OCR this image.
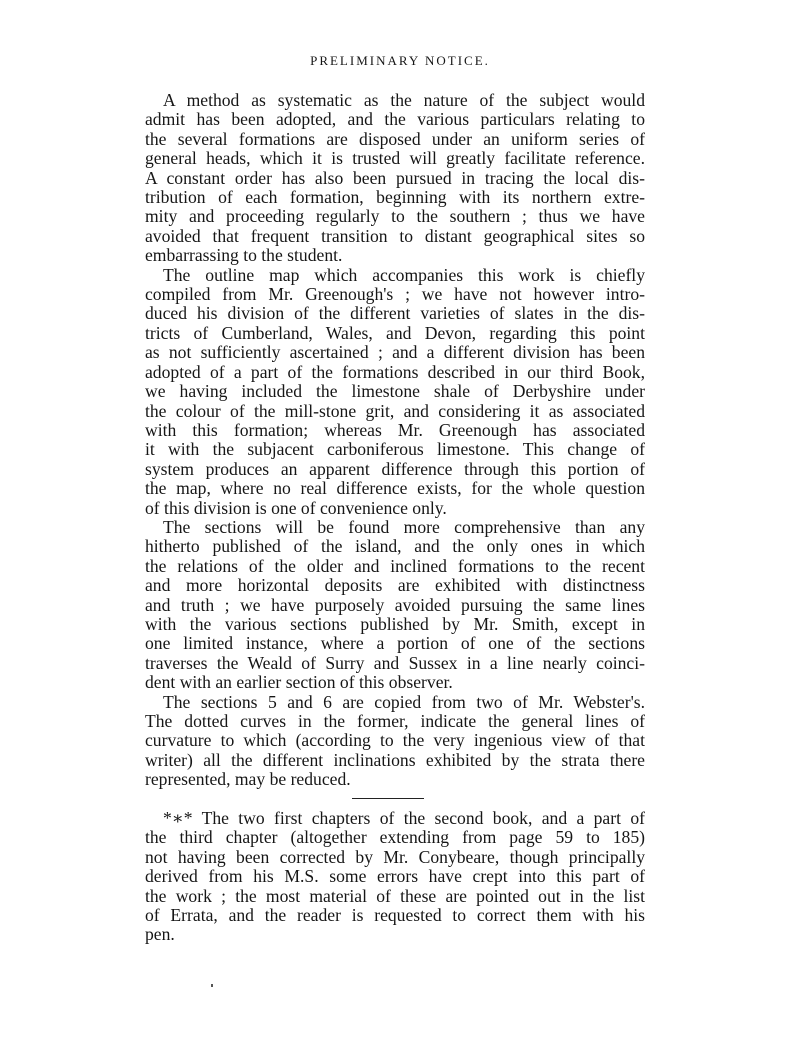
PRELIMINARY NOTICE.
A method as systematic as the nature of the subject would
admit has been adopted, and the various particulars relating to
the several formations are disposed under an uniform series of
general heads, which it is trusted will greatly facilitate reference.
A constant order has also been pursued in tracing the local dis-
tribution of each formation, beginning with its northern extre-
mity and proceeding regularly to the southern ; thus we have
avoided that frequent transition to distant geographical sites so
embarrassing to the student.
The outline map which accompanies this work is chiefly
compiled from Mr. Greenough's ; we have not however intro-
duced his division of the different varieties of slates in the dis-
tricts of Cumberland, Wales, and Devon, regarding this point
as not sufficiently ascertained ; and a different division has been
adopted of a part of the formations described in our third Book,
we having included the limestone shale of Derbyshire under
the colour of the mill-stone grit, and considering it as associated
with this formation; whereas Mr. Greenough has associated
it with the subjacent carboniferous limestone. This change of
system produces an apparent difference through this portion of
the map, where no real difference exists, for the whole question
of this division is one of convenience only.
The sections will be found more comprehensive than any
hitherto published of the island, and the only ones in which
the relations of the older and inclined formations to the recent
and more horizontal deposits are exhibited with distinctness
and truth ; we have purposely avoided pursuing the same lines
with the various sections published by Mr. Smith, except in
one limited instance, where a portion of one of the sections
traverses the Weald of Surry and Sussex in a line nearly coinci-
dent with an earlier section of this observer.
The sections 5 and 6 are copied from two of Mr. Webster's.
The dotted curves in the former, indicate the general lines of
curvature to which (according to the very ingenious view of that
writer) all the different inclinations exhibited by the strata there
represented, may be reduced.
*∗* The two first chapters of the second book, and a part of
the third chapter (altogether extending from page 59 to 185)
not having been corrected by Mr. Conybeare, though principally
derived from his M.S. some errors have crept into this part of
the work ; the most material of these are pointed out in the list
of Errata, and the reader is requested to correct them with his
pen.
